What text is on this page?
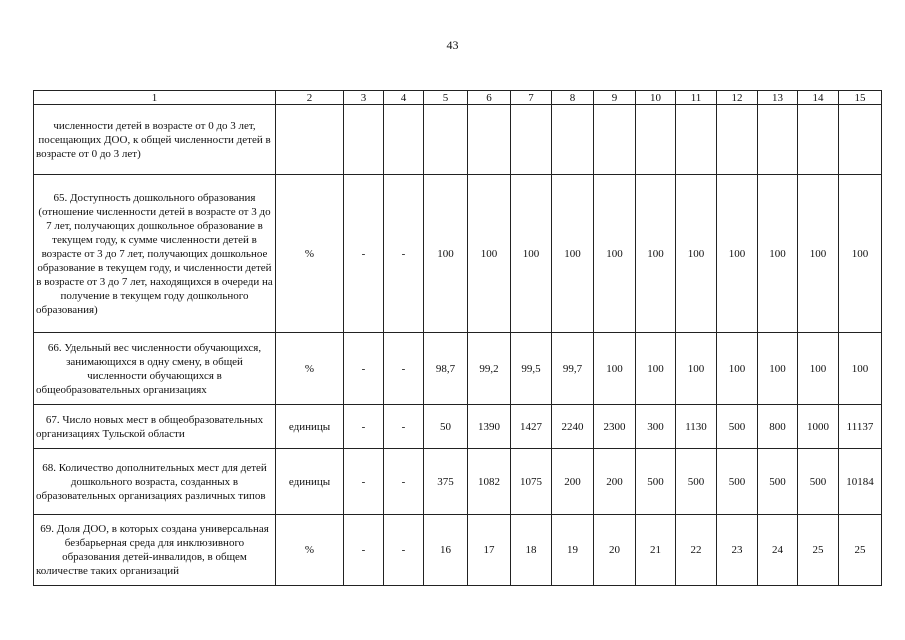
43
1	2	3	4	5	6	7	8	9	10	11	12	13	14	15
численности детей в возрасте от 0 до 3 лет, посещающих ДОО, к общей численности детей в возрасте от 0 до 3 лет)														
65. Доступность дошкольного образования (отношение численности детей в возрасте от 3 до 7 лет, получающих дошкольное образование в текущем году, к сумме численности детей в возрасте от 3 до 7 лет, получающих дошкольное образование в текущем году, и численности детей в возрасте от 3 до 7 лет, находящихся в очереди на получение в текущем году дошкольного образования)	%	-	-	100	100	100	100	100	100	100	100	100	100	100
66. Удельный вес численности обучающихся, занимающихся в одну смену, в общей численности обучающихся в общеобразовательных организациях	%	-	-	98,7	99,2	99,5	99,7	100	100	100	100	100	100	100
67. Число новых мест в общеобразовательных организациях Тульской области	единицы	-	-	50	1390	1427	2240	2300	300	1130	500	800	1000	11137
68. Количество дополнительных мест для детей дошкольного возраста, созданных в образовательных организациях различных типов	единицы	-	-	375	1082	1075	200	200	500	500	500	500	500	10184
69. Доля ДОО, в которых создана универсальная безбарьерная среда для инклюзивного образования детей-инвалидов, в общем количестве таких организаций	%	-	-	16	17	18	19	20	21	22	23	24	25	25
